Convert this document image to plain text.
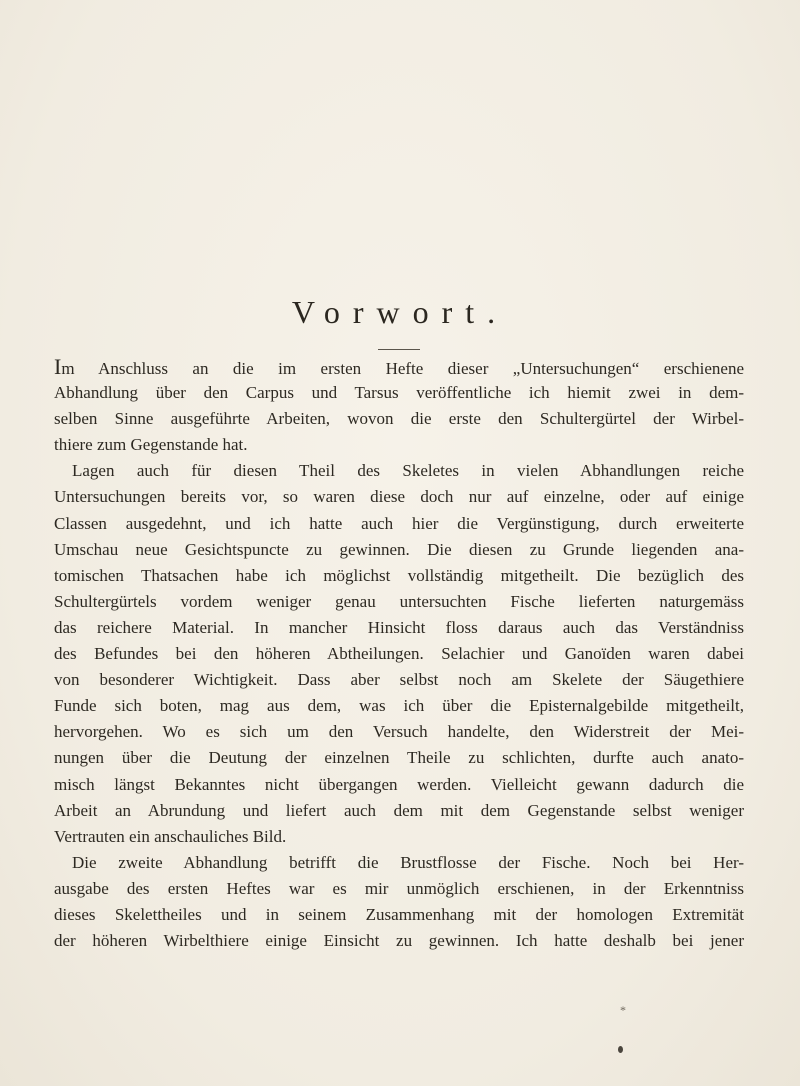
Vorwort.
Im Anschluss an die im ersten Hefte dieser „Untersuchungen“ erschienene
Abhandlung über den Carpus und Tarsus veröffentliche ich hiemit zwei in dem-
selben Sinne ausgeführte Arbeiten, wovon die erste den Schultergürtel der Wirbel-
thiere zum Gegenstande hat.
Lagen auch für diesen Theil des Skeletes in vielen Abhandlungen reiche
Untersuchungen bereits vor, so waren diese doch nur auf einzelne, oder auf einige
Classen ausgedehnt, und ich hatte auch hier die Vergünstigung, durch erweiterte
Umschau neue Gesichtspuncte zu gewinnen. Die diesen zu Grunde liegenden ana-
tomischen Thatsachen habe ich möglichst vollständig mitgetheilt. Die bezüglich des
Schultergürtels vordem weniger genau untersuchten Fische lieferten naturgemäss
das reichere Material. In mancher Hinsicht floss daraus auch das Verständniss
des Befundes bei den höheren Abtheilungen. Selachier und Ganoïden waren dabei
von besonderer Wichtigkeit. Dass aber selbst noch am Skelete der Säugethiere
Funde sich boten, mag aus dem, was ich über die Episternalgebilde mitgetheilt,
hervorgehen. Wo es sich um den Versuch handelte, den Widerstreit der Mei-
nungen über die Deutung der einzelnen Theile zu schlichten, durfte auch anato-
misch längst Bekanntes nicht übergangen werden. Vielleicht gewann dadurch die
Arbeit an Abrundung und liefert auch dem mit dem Gegenstande selbst weniger
Vertrauten ein anschauliches Bild.
Die zweite Abhandlung betrifft die Brustflosse der Fische. Noch bei Her-
ausgabe des ersten Heftes war es mir unmöglich erschienen, in der Erkenntniss
dieses Skelettheiles und in seinem Zusammenhang mit der homologen Extremität
der höheren Wirbelthiere einige Einsicht zu gewinnen. Ich hatte deshalb bei jener
*
